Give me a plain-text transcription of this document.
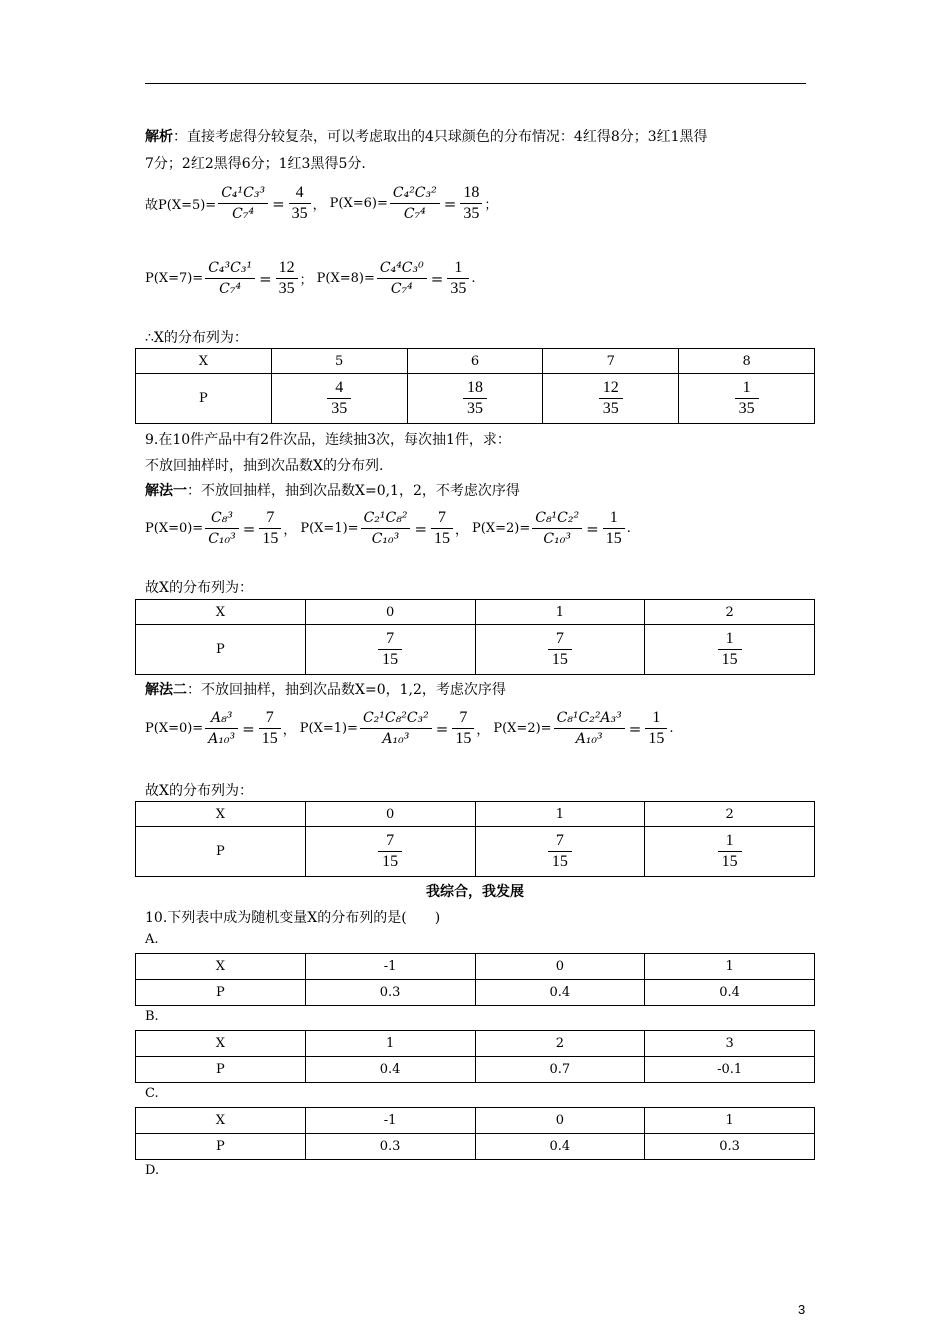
解析：直接考虑得分较复杂，可以考虑取出的4只球颜色的分布情况：4红得8分；3红1黑得
7分；2红2黑得6分；1红3黑得5分.
故$P(X=5)= \frac{\text{C₄¹C₃³}}{\text{C₇⁴}} = \frac{4}{35}$ ， $P(X=6)= \frac{\text{C₄²C₃²}}{\text{C₇⁴}} = \frac{18}{35}$ ；
$P(X=7)= \frac{\text{C₄³C₃¹}}{\text{C₇⁴}} = \frac{12}{35}$ ； $P(X=8)= \frac{\text{C₄⁴C₃⁰}}{\text{C₇⁴}} = \frac{1}{35}$ .
∴X的分布列为：
X	5	6	7	8
P	$\frac{4}{35}$	$\frac{18}{35}$	$\frac{12}{35}$	$\frac{1}{35}$
9.在10件产品中有2件次品，连续抽3次，每次抽1件，求：
不放回抽样时，抽到次品数X的分布列.
解法一：不放回抽样，抽到次品数X=0,1，2，不考虑次序得
$P(X=0)= \frac{\text{C₈³}}{\text{C₁₀³}} = \frac{7}{15}$ ， $P(X=1)= \frac{\text{C₂¹C₈²}}{\text{C₁₀³}} = \frac{7}{15}$ ， $P(X=2)= \frac{\text{C₈¹C₂²}}{\text{C₁₀³}} = \frac{1}{15}$ .
故X的分布列为：
X	0	1	2
P	$\frac{7}{15}$	$\frac{7}{15}$	$\frac{1}{15}$
解法二：不放回抽样，抽到次品数X=0，1,2，考虑次序得
$P(X=0)= \frac{\text{A₈³}}{\text{A₁₀³}} = \frac{7}{15}$ ， $P(X=1)= \frac{\text{C₂¹C₈²C₃²}}{\text{A₁₀³}} = \frac{7}{15}$ ， $P(X=2)= \frac{\text{C₈¹C₂²A₃³}}{\text{A₁₀³}} = \frac{1}{15}$ .
故X的分布列为：
X	0	1	2
P	$\frac{7}{15}$	$\frac{7}{15}$	$\frac{1}{15}$
我综合，我发展
10.下列表中成为随机变量X的分布列的是(　　)
A.
X	-1	0	1
P	0.3	0.4	0.4
B.
X	1	2	3
P	0.4	0.7	-0.1
C.
X	-1	0	1
P	0.3	0.4	0.3
D.
3
